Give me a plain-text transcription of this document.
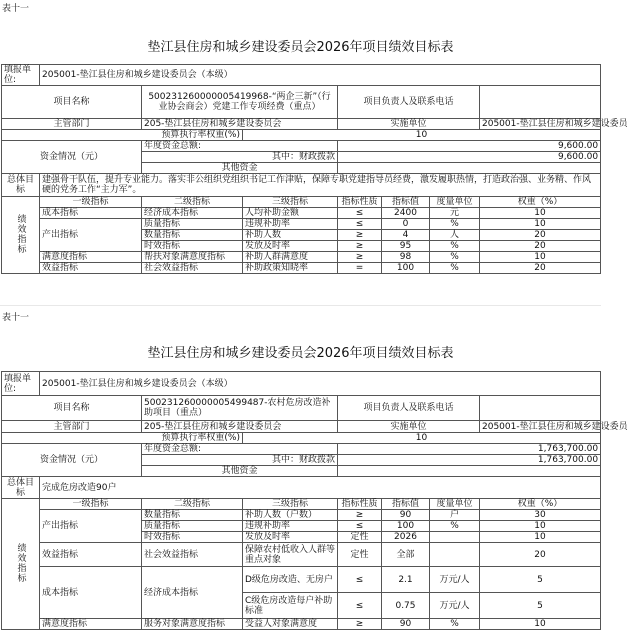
表十一
垫江县住房和城乡建设委员会2026年项目绩效目标表
填报单位:	205001-垫江县住房和城乡建设委员会（本级）						
项目名称		500231260000005419968-“两企三新”（行业协会商会）党建工作专项经费（重点）		项目负责人及联系电话			
主管部门		205-垫江县住房和城乡建设委员会		实施单位			205001-垫江县住房和城乡建设委员
预算执行率权重(%)			10				
资金情况（元）		年度资金总额:		9,600.00			
		其中：财政拨款		9,600.00			
		其他资金					
总体目标	建强骨干队伍，提升专业能力。落实非公组织党组织书记工作津贴，保障专职党建指导员经费，激发履职热情，打造政治强、业务精、作风硬的党务工作“主力军”。						
绩效指标	一级指标	二级指标	三级指标	指标性质	指标值	度量单位	权重（%）
	成本指标	经济成本指标	人均补助金额	≤	2400	元	10
	产出指标	质量指标	违规补助率	≤	0	%	10
		数量指标	补助人数	≥	4	人	20
		时效指标	发放及时率	≥	95	%	20
	满意度指标	帮扶对象满意度指标	补助人群满意度	≥	98	%	10
	效益指标	社会效益指标	补助政策知晓率	=	100	%	20
表十一
垫江县住房和城乡建设委员会2026年项目绩效目标表
填报单位:	205001-垫江县住房和城乡建设委员会（本级）						
项目名称		500231260000005499487-农村危房改造补助项目（重点）		项目负责人及联系电话			
主管部门		205-垫江县住房和城乡建设委员会		实施单位			205001-垫江县住房和城乡建设委员
预算执行率权重(%)			10				
资金情况（元）		年度资金总额:		1,763,700.00			
		其中：财政拨款		1,763,700.00			
		其他资金					
总体目标	完成危房改造90户						
绩效指标	一级指标	二级指标	三级指标	指标性质	指标值	度量单位	权重（%）
	产出指标	数量指标	补助人数（户数）	≥	90	户	30
		质量指标	违规补助率	≤	100	%	10
		时效指标	发放及时率	定性	2026		10
	效益指标	社会效益指标	保障农村低收入人群等重点对象	定性	全部		20
	成本指标	经济成本指标	D级危房改造、无房户	≤	2.1	万元/人	5
			C级危房改造每户补助标准	≤	0.75	万元/人	5
	满意度指标	服务对象满意度指标	受益人对象满意度	≥	90	%	10
